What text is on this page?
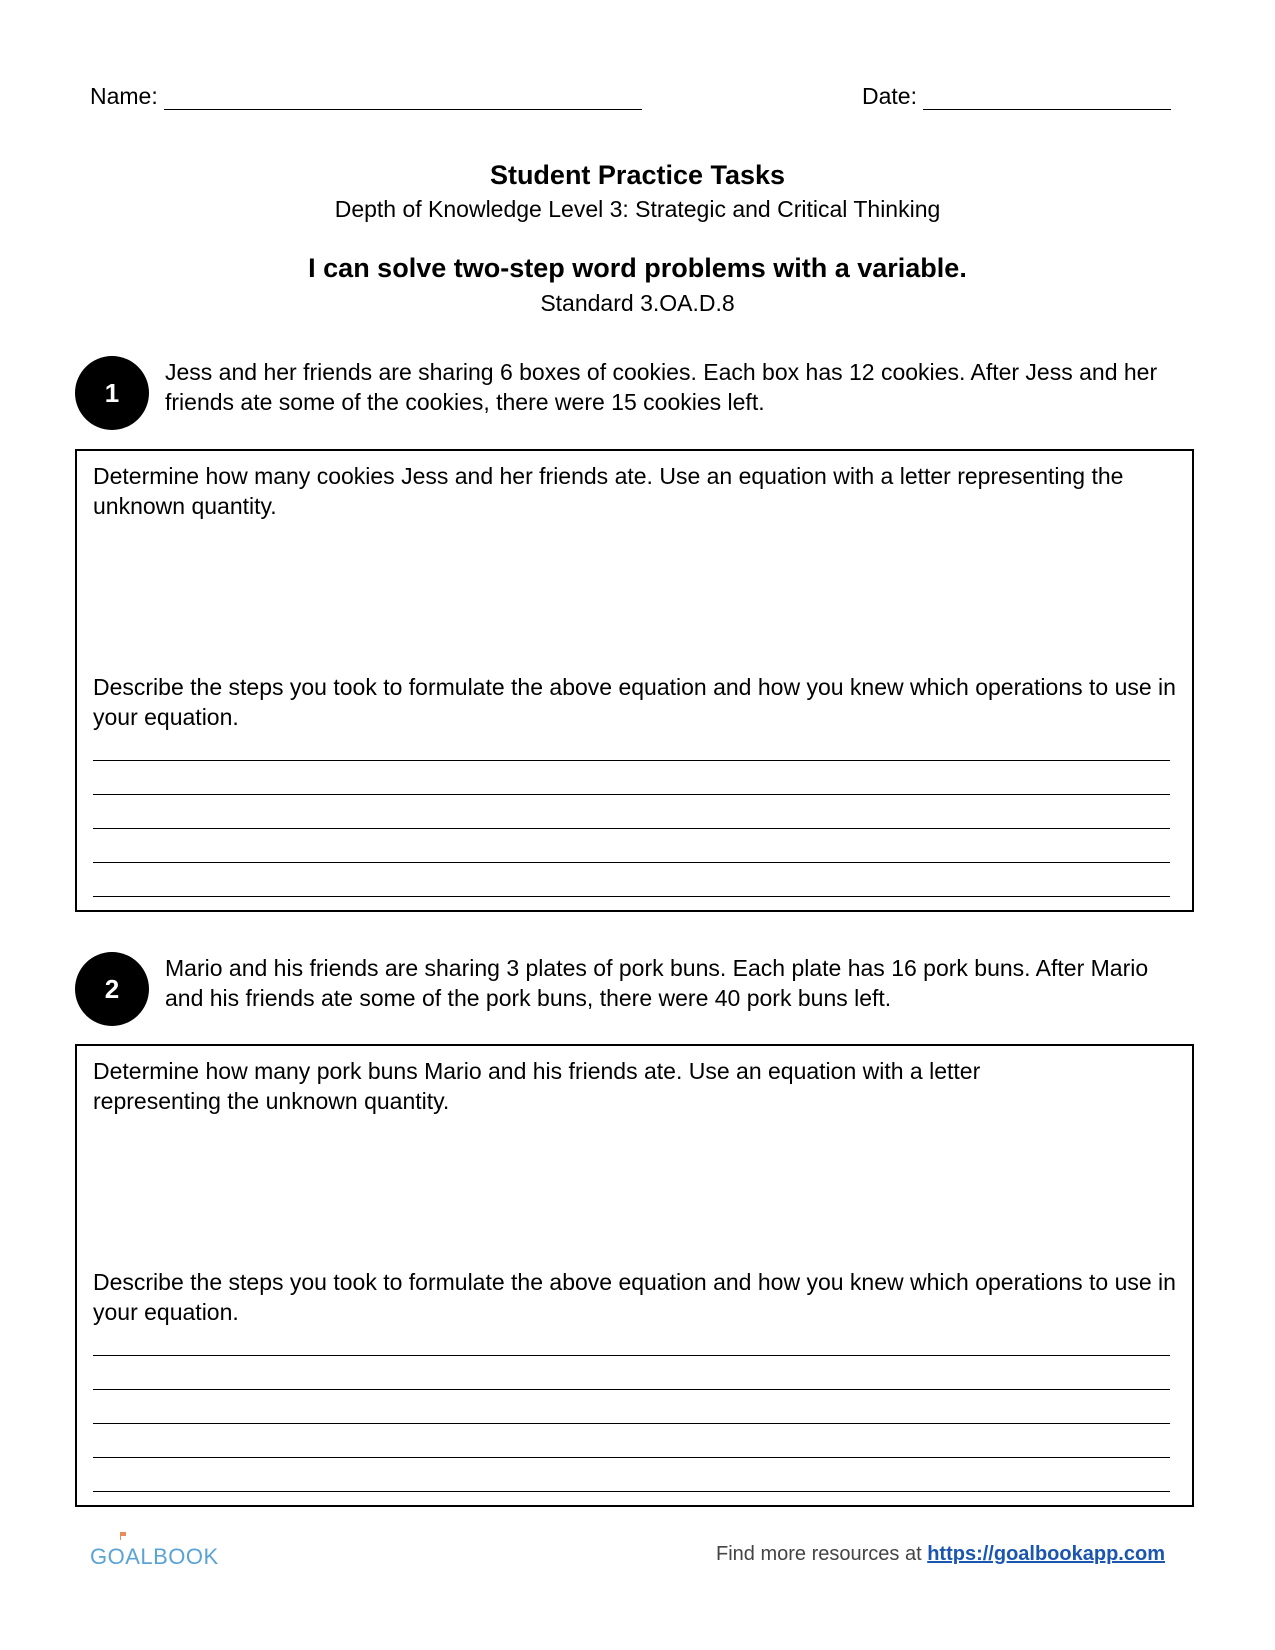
Name:	Date:
Student Practice Tasks
Depth of Knowledge Level 3: Strategic and Critical Thinking
I can solve two-step word problems with a variable.
Standard 3.OA.D.8
1
Jess and her friends are sharing 6 boxes of cookies. Each box has 12 cookies. After Jess and her friends ate some of the cookies, there were 15 cookies left.
Determine how many cookies Jess and her friends ate. Use an equation with a letter representing the unknown quantity.
Describe the steps you took to formulate the above equation and how you knew which operations to use in your equation.
2
Mario and his friends are sharing 3 plates of pork buns. Each plate has 16 pork buns. After Mario and his friends ate some of the pork buns, there were 40 pork buns left.
Determine how many pork buns Mario and his friends ate. Use an equation with a letter representing the unknown quantity.
Describe the steps you took to formulate the above equation and how you knew which operations to use in your equation.
GOALBOOK	Find more resources at https://goalbookapp.com
